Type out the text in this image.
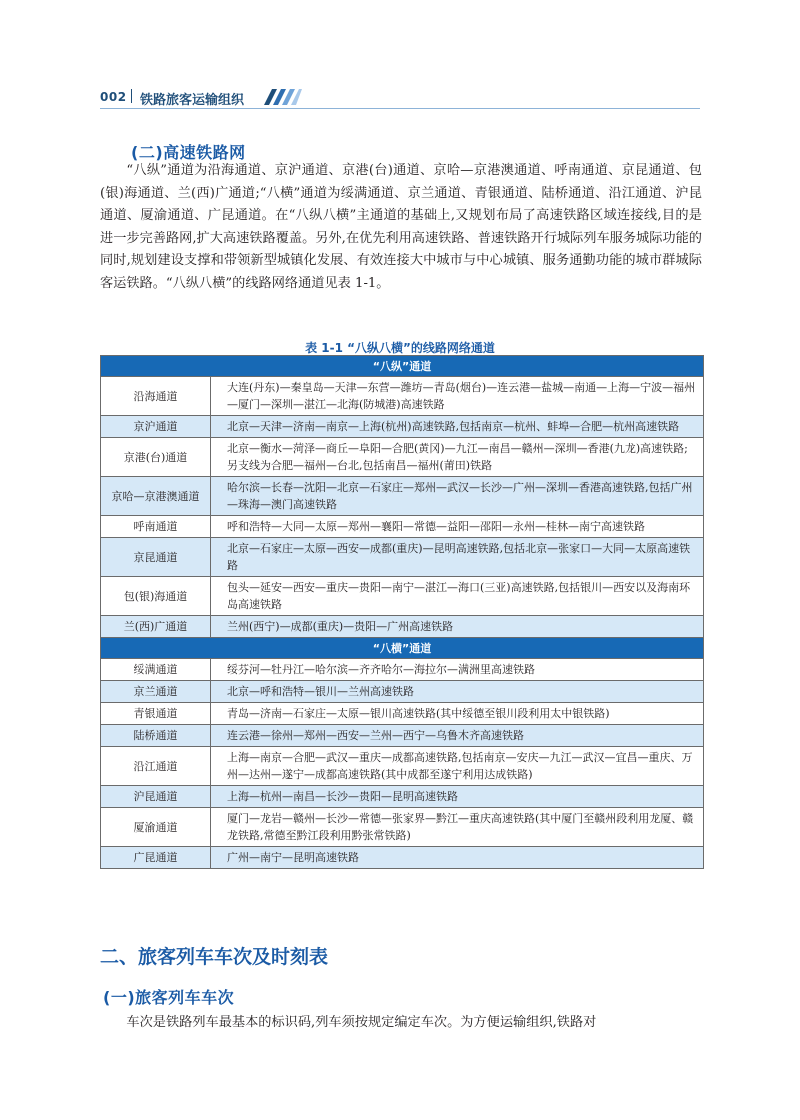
002 铁路旅客运输组织
(二)高速铁路网

“八纵”通道为沿海通道、京沪通道、京港(台)通道、京哈—京港澳通道、呼南通道、京昆通道、包(银)海通道、兰(西)广通道;“八横”通道为绥满通道、京兰通道、青银通道、陆桥通道、沿江通道、沪昆通道、厦渝通道、广昆通道。在“八纵八横”主通道的基础上,又规划布局了高速铁路区域连接线,目的是进一步完善路网,扩大高速铁路覆盖。另外,在优先利用高速铁路、普速铁路开行城际列车服务城际功能的同时,规划建设支撑和带领新型城镇化发展、有效连接大中城市与中心城镇、服务通勤功能的城市群城际客运铁路。“八纵八横”的线路网络通道见表 1-1。

表 1-1 “八纵八横”的线路网络通道
“八纵”通道	
沿海通道	大连(丹东)—秦皇岛—天津—东营—潍坊—青岛(烟台)—连云港—盐城—南通—上海—宁波—福州—厦门—深圳—湛江—北海(防城港)高速铁路
京沪通道	北京—天津—济南—南京—上海(杭州)高速铁路,包括南京—杭州、蚌埠—合肥—杭州高速铁路
京港(台)通道	北京—衡水—菏泽—商丘—阜阳—合肥(黄冈)—九江—南昌—赣州—深圳—香港(九龙)高速铁路;另支线为合肥—福州—台北,包括南昌—福州(莆田)铁路
京哈—京港澳通道	哈尔滨—长春—沈阳—北京—石家庄—郑州—武汉—长沙—广州—深圳—香港高速铁路,包括广州—珠海—澳门高速铁路
呼南通道	呼和浩特—大同—太原—郑州—襄阳—常德—益阳—邵阳—永州—桂林—南宁高速铁路
京昆通道	北京—石家庄—太原—西安—成都(重庆)—昆明高速铁路,包括北京—张家口—大同—太原高速铁路
包(银)海通道	包头—延安—西安—重庆—贵阳—南宁—湛江—海口(三亚)高速铁路,包括银川—西安以及海南环岛高速铁路
兰(西)广通道	兰州(西宁)—成都(重庆)—贵阳—广州高速铁路
“八横”通道	
绥满通道	绥芬河—牡丹江—哈尔滨—齐齐哈尔—海拉尔—满洲里高速铁路
京兰通道	北京—呼和浩特—银川—兰州高速铁路
青银通道	青岛—济南—石家庄—太原—银川高速铁路(其中绥德至银川段利用太中银铁路)
陆桥通道	连云港—徐州—郑州—西安—兰州—西宁—乌鲁木齐高速铁路
沿江通道	上海—南京—合肥—武汉—重庆—成都高速铁路,包括南京—安庆—九江—武汉—宜昌—重庆、万州—达州—遂宁—成都高速铁路(其中成都至遂宁利用达成铁路)
沪昆通道	上海—杭州—南昌—长沙—贵阳—昆明高速铁路
厦渝通道	厦门—龙岩—赣州—长沙—常德—张家界—黔江—重庆高速铁路(其中厦门至赣州段利用龙厦、赣龙铁路,常德至黔江段利用黔张常铁路)
广昆通道	广州—南宁—昆明高速铁路
二、旅客列车车次及时刻表
(一)旅客列车车次

车次是铁路列车最基本的标识码,列车须按规定编定车次。为方便运输组织,铁路对
